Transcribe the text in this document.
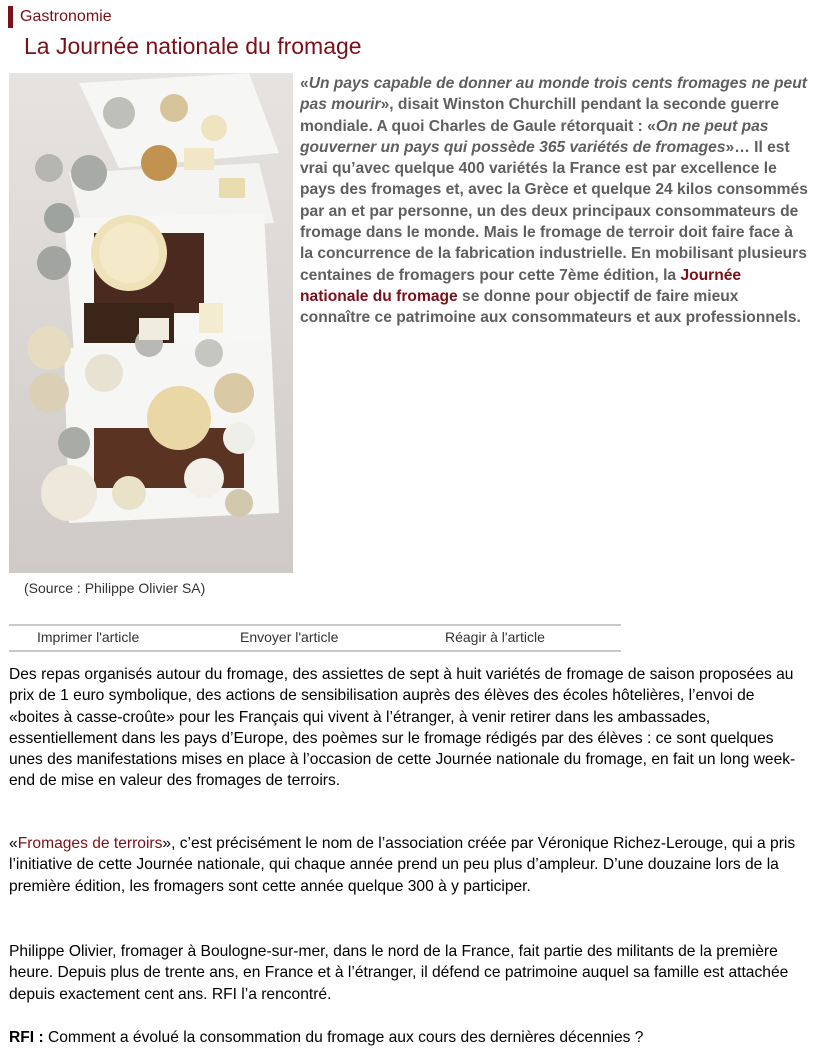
Gastronomie
La Journée nationale du fromage
(Source : Philippe Olivier SA)

«Un pays capable de donner au monde trois cents fromages ne peut pas mourir», disait Winston Churchill pendant la seconde guerre mondiale. A quoi Charles de Gaule rétorquait : «On ne peut pas gouverner un pays qui possède 365 variétés de fromages»… Il est vrai qu’avec quelque 400 variétés la France est par excellence le pays des fromages et, avec la Grèce et quelque 24 kilos consommés par an et par personne, un des deux principaux consommateurs de fromage dans le monde. Mais le fromage de terroir doit faire face à la concurrence de la fabrication industrielle. En mobilisant plusieurs centaines de fromagers pour cette 7ème édition, la Journée nationale du fromage se donne pour objectif de faire mieux connaître ce patrimoine aux consommateurs et aux professionnels.

Imprimer l'article	Envoyer l'article	Réagir à l'article

Des repas organisés autour du fromage, des assiettes de sept à huit variétés de fromage de saison proposées au prix de 1 euro symbolique, des actions de sensibilisation auprès des élèves des écoles hôtelières, l’envoi de «boites à casse-croûte» pour les Français qui vivent à l’étranger, à venir retirer dans les ambassades, essentiellement dans les pays d’Europe, des poèmes sur le fromage rédigés par des élèves : ce sont quelques unes des manifestations mises en place à l’occasion de cette Journée nationale du fromage, en fait un long week-end de mise en valeur des fromages de terroirs.

«Fromages de terroirs», c’est précisément le nom de l’association créée par Véronique Richez-Lerouge, qui a pris l’initiative de cette Journée nationale, qui chaque année prend un peu plus d’ampleur. D’une douzaine lors de la première édition, les fromagers sont cette année quelque 300 à y participer.

Philippe Olivier, fromager à Boulogne-sur-mer, dans le nord de la France, fait partie des militants de la première heure. Depuis plus de trente ans, en France et à l’étranger, il défend ce patrimoine auquel sa famille est attachée depuis exactement cent ans. RFI l’a rencontré.

RFI : Comment a évolué la consommation du fromage aux cours des dernières décennies ?
